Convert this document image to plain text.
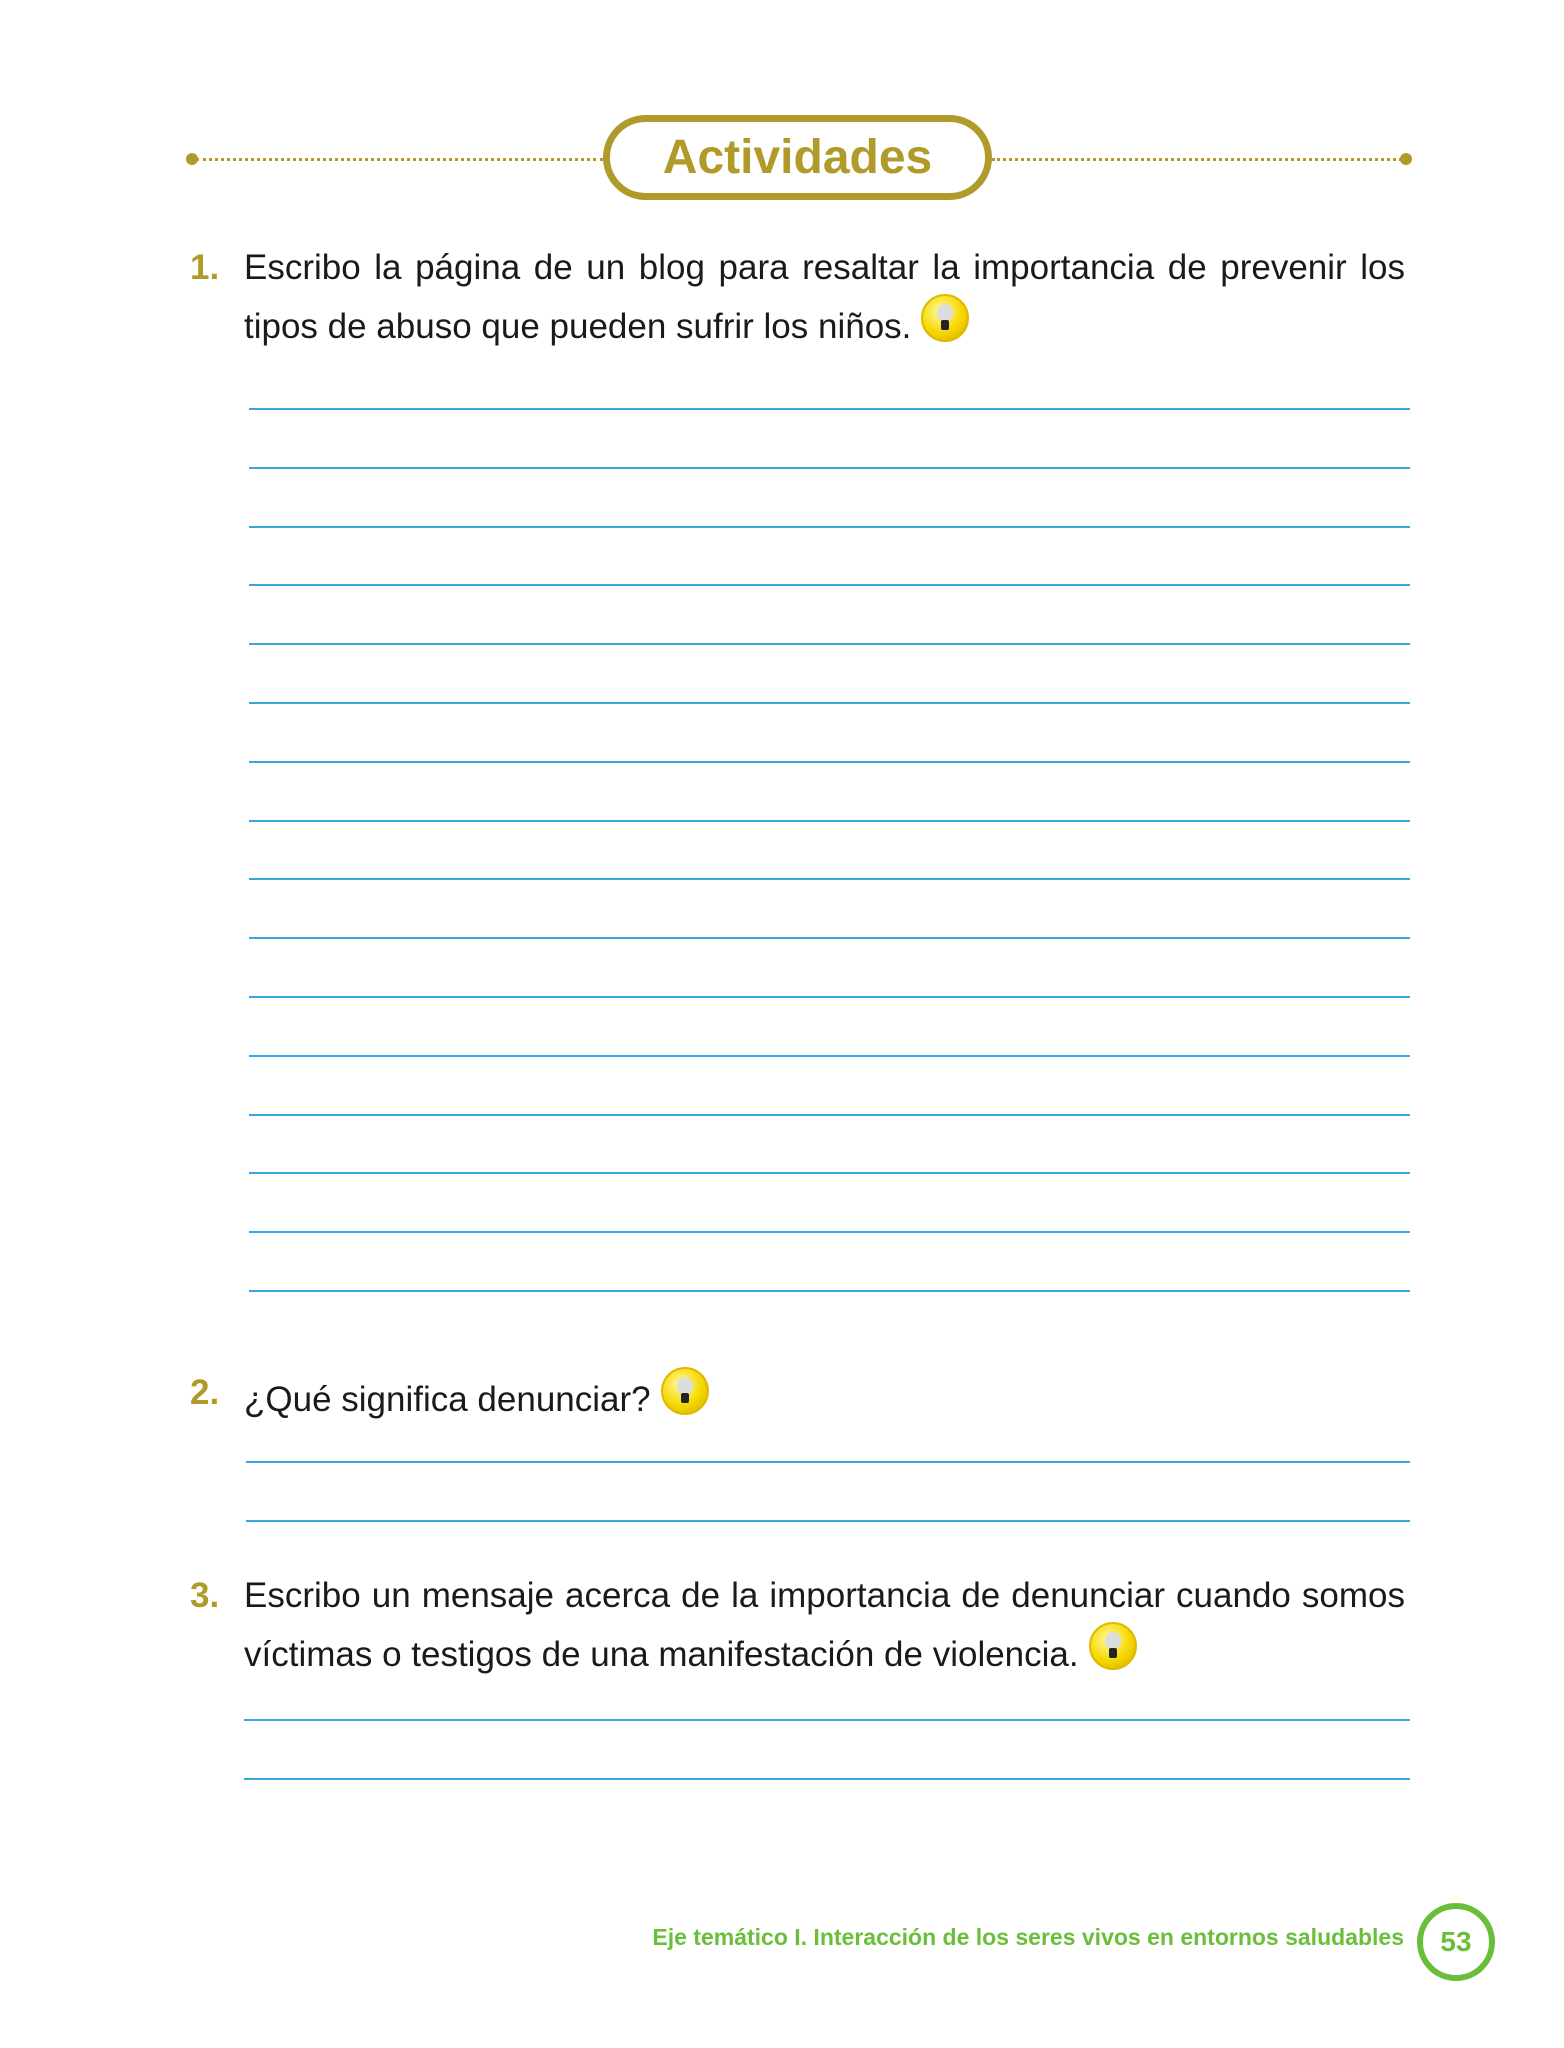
Actividades
1. Escribo la página de un blog para resaltar la importancia de prevenir los tipos de abuso que pueden sufrir los niños.
2. ¿Qué significa denunciar?
3. Escribo un mensaje acerca de la importancia de denunciar cuando somos víctimas o testigos de una manifestación de violencia.
Eje temático I. Interacción de los seres vivos en entornos saludables 53
